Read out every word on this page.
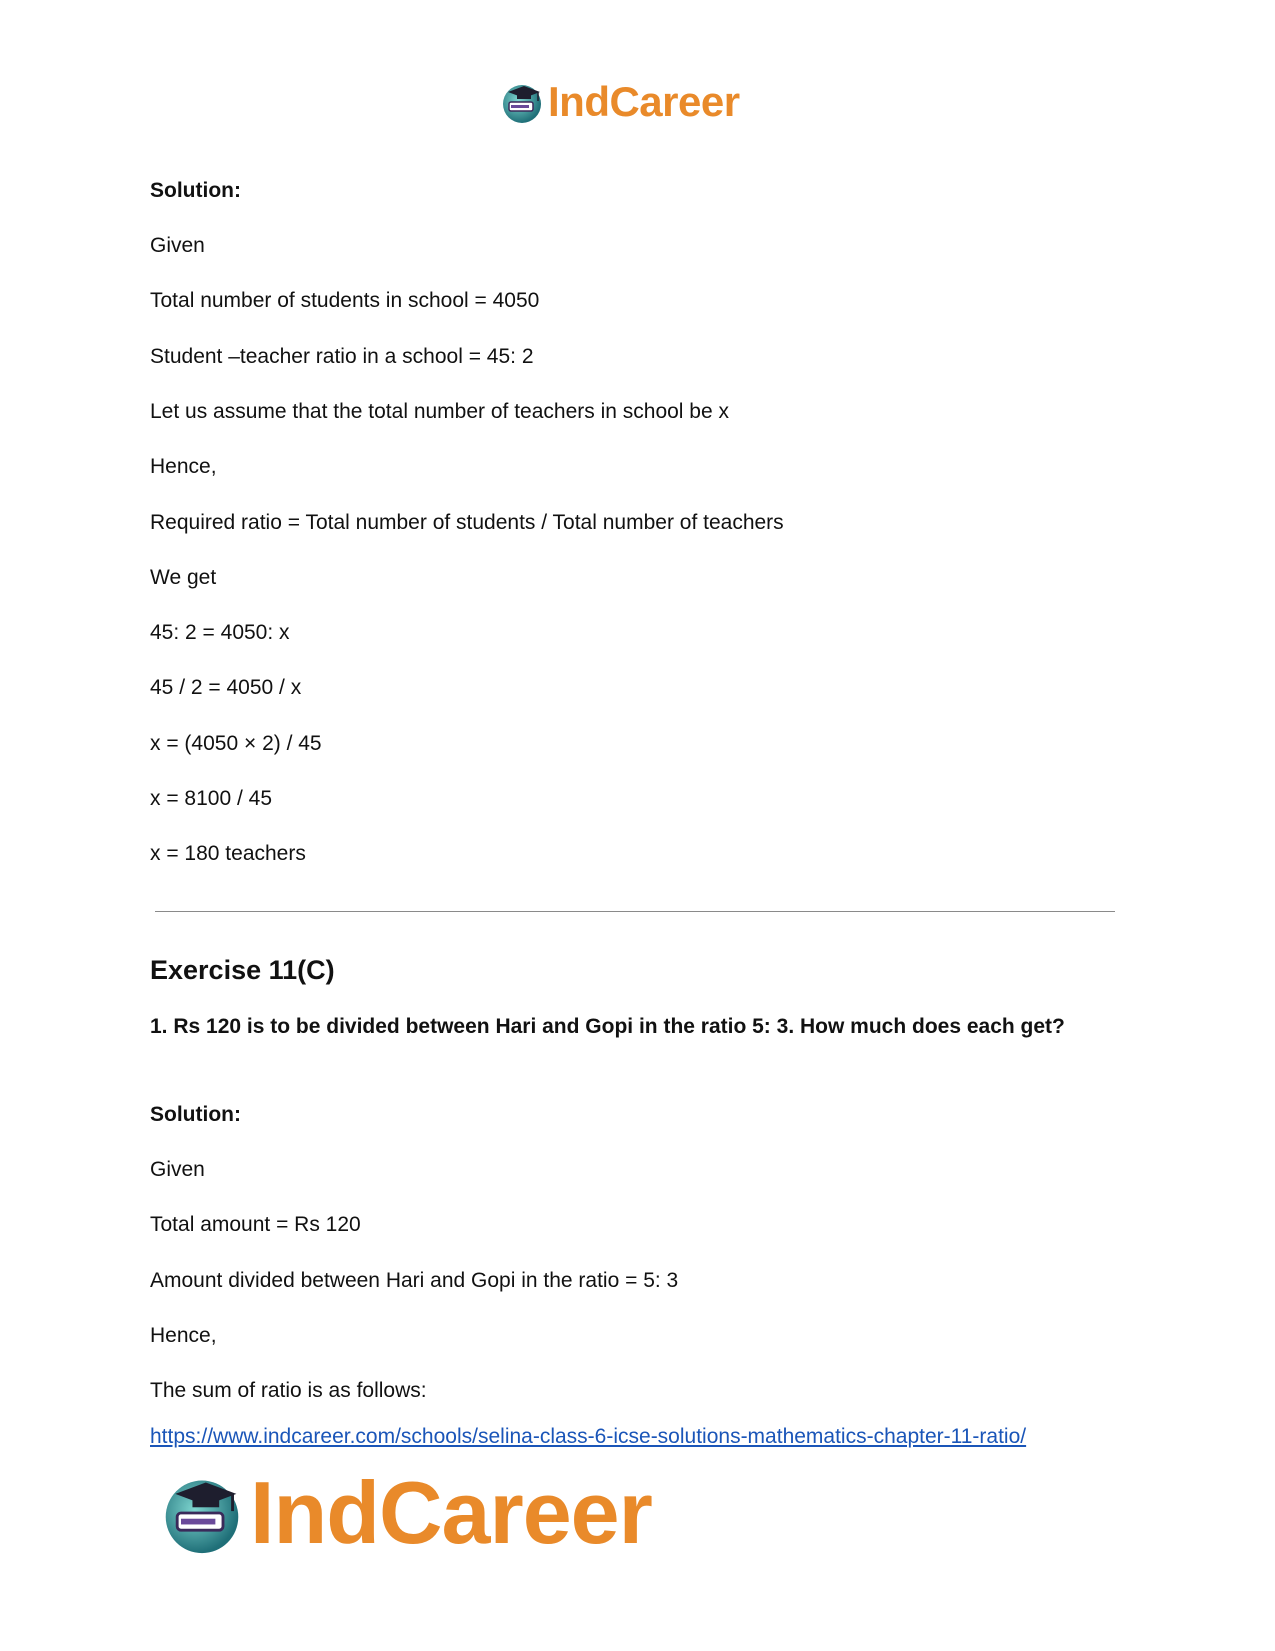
IndCareer
Solution:
Given
Total number of students in school = 4050
Student –teacher ratio in a school = 45: 2
Let us assume that the total number of teachers in school be x
Hence,
Required ratio = Total number of students / Total number of teachers
We get
45: 2 = 4050: x
45 / 2 = 4050 / x
x = (4050 × 2) / 45
x = 8100 / 45
x = 180 teachers
Exercise 11(C)
1. Rs 120 is to be divided between Hari and Gopi in the ratio 5: 3. How much does each get?
Solution:
Given
Total amount = Rs 120
Amount divided between Hari and Gopi in the ratio = 5: 3
Hence,
The sum of ratio is as follows:
https://www.indcareer.com/schools/selina-class-6-icse-solutions-mathematics-chapter-11-ratio/
IndCareer
